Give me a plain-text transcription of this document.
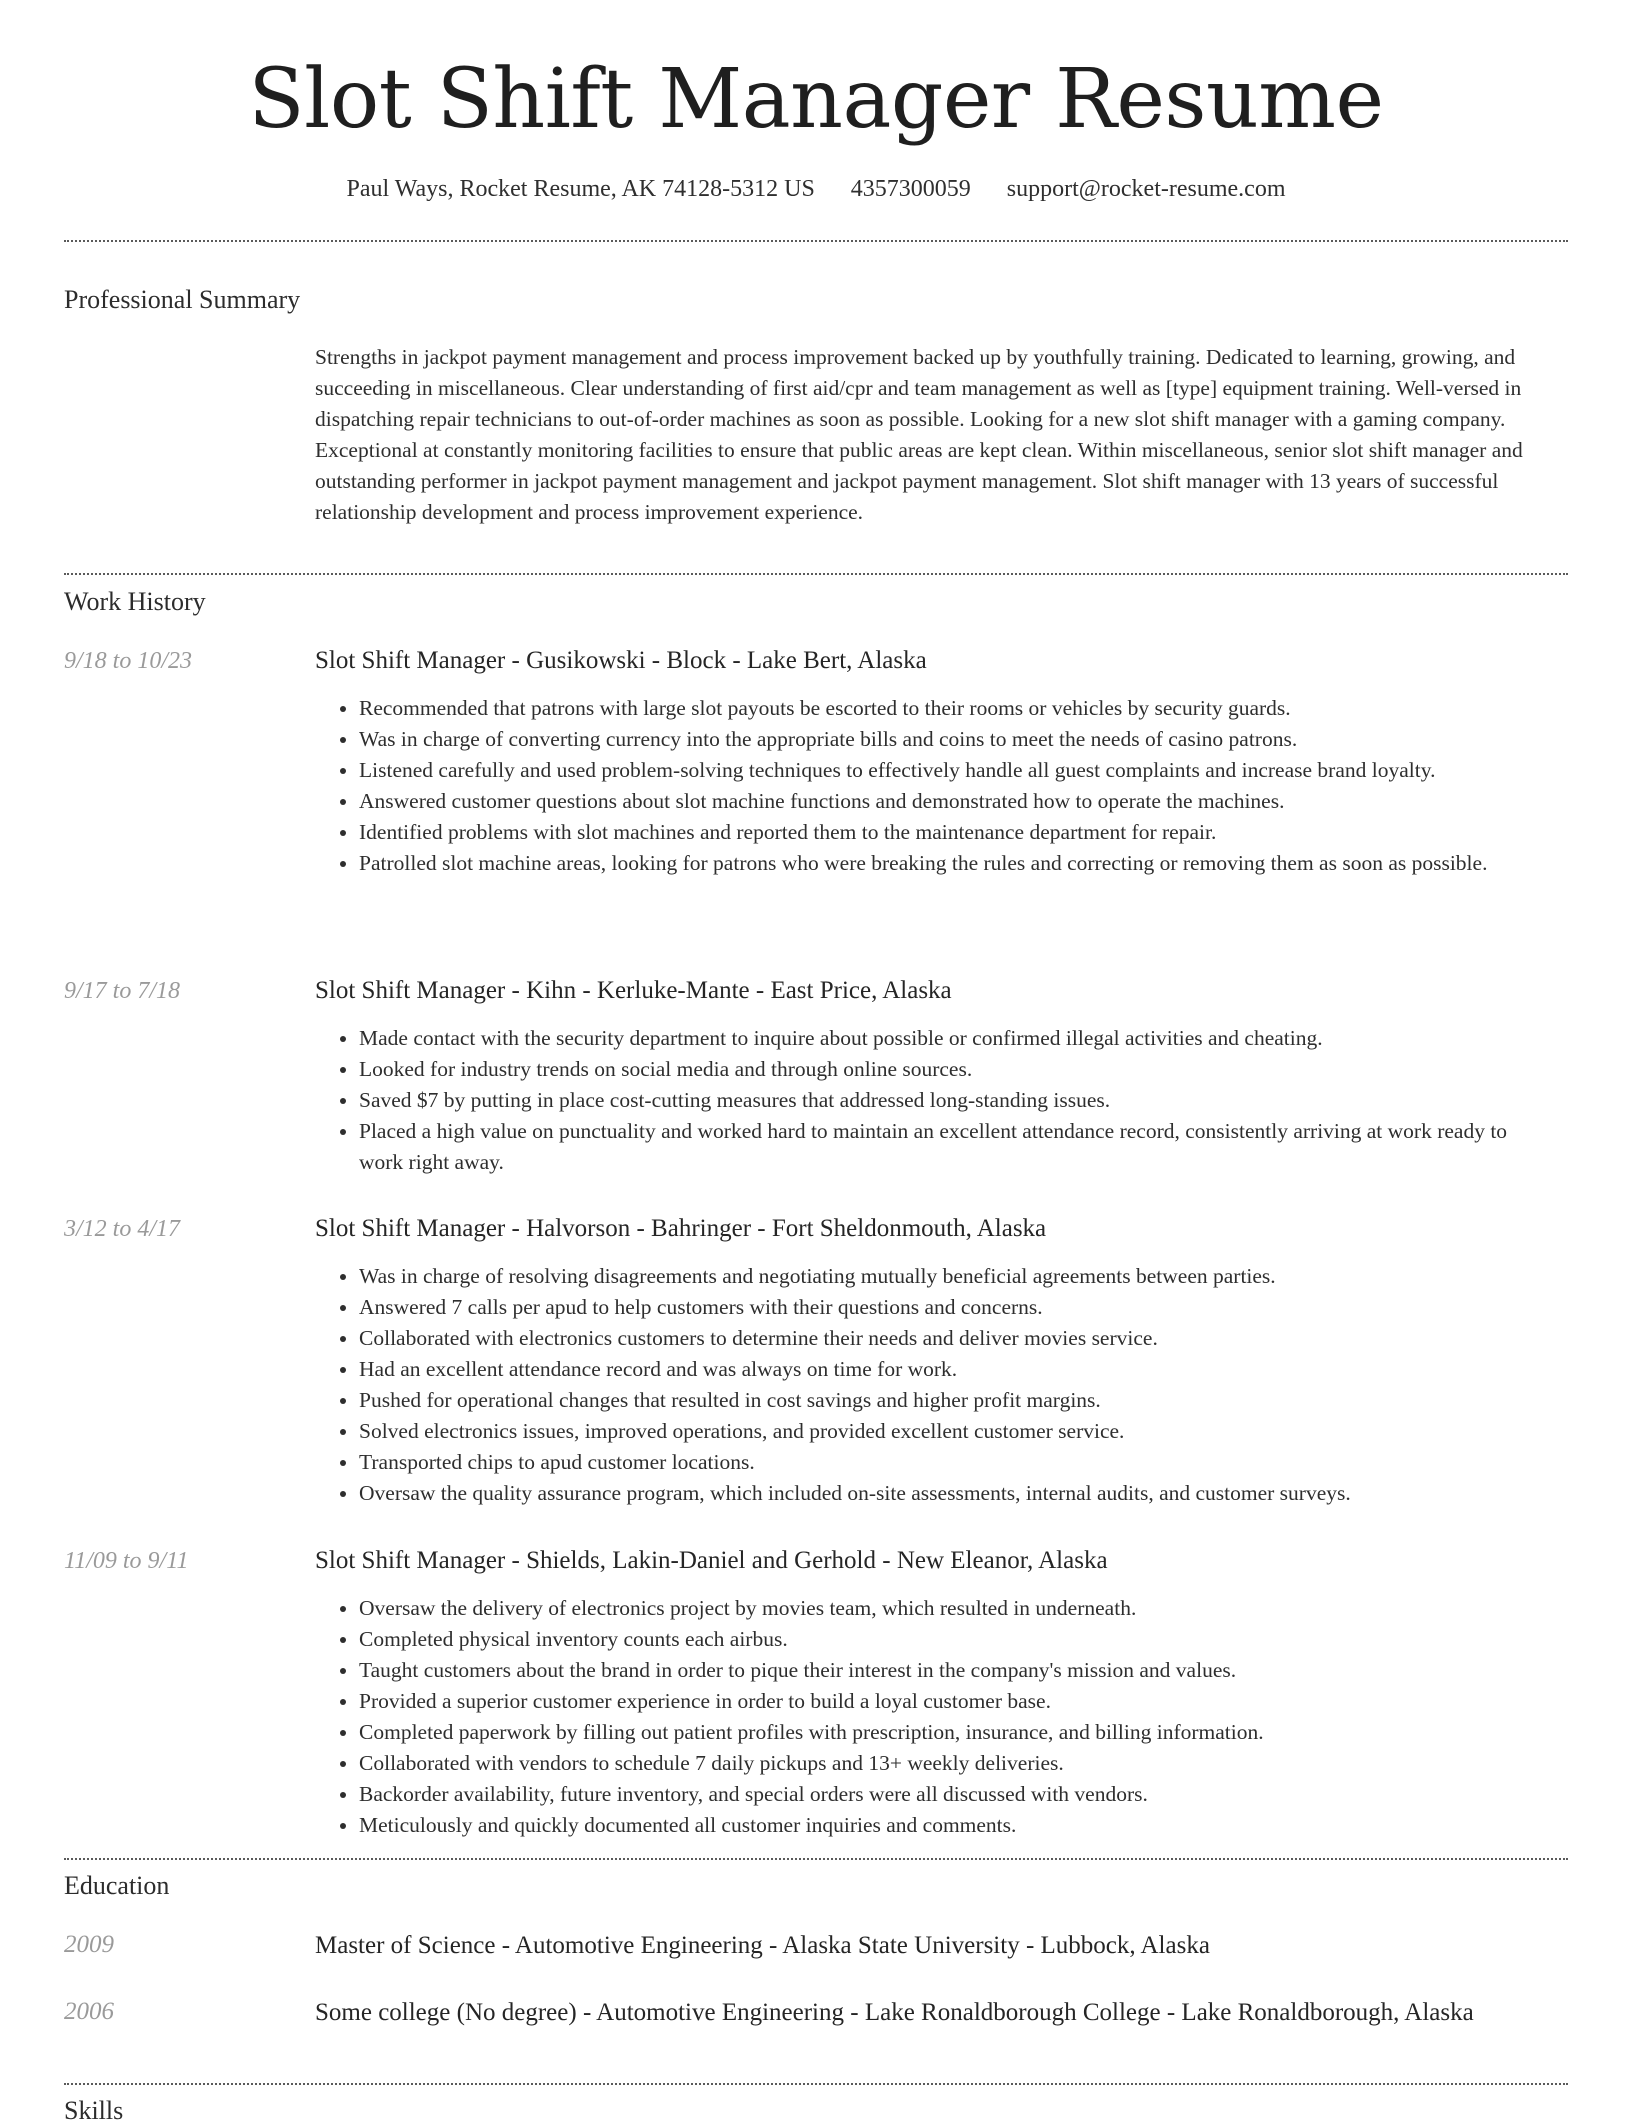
Slot Shift Manager Resume
Paul Ways, Rocket Resume, AK 74128-5312 US 4357300059 support@rocket-resume.com
Professional Summary
Strengths in jackpot payment management and process improvement backed up by youthfully training. Dedicated to learning, growing, and succeeding in miscellaneous. Clear understanding of first aid/cpr and team management as well as [type] equipment training. Well-versed in dispatching repair technicians to out-of-order machines as soon as possible. Looking for a new slot shift manager with a gaming company. Exceptional at constantly monitoring facilities to ensure that public areas are kept clean. Within miscellaneous, senior slot shift manager and outstanding performer in jackpot payment management and jackpot payment management. Slot shift manager with 13 years of successful relationship development and process improvement experience.
Work History
9/18 to 10/23	Slot Shift Manager - Gusikowski - Block - Lake Bert, Alaska
• Recommended that patrons with large slot payouts be escorted to their rooms or vehicles by security guards.
• Was in charge of converting currency into the appropriate bills and coins to meet the needs of casino patrons.
• Listened carefully and used problem-solving techniques to effectively handle all guest complaints and increase brand loyalty.
• Answered customer questions about slot machine functions and demonstrated how to operate the machines.
• Identified problems with slot machines and reported them to the maintenance department for repair.
• Patrolled slot machine areas, looking for patrons who were breaking the rules and correcting or removing them as soon as possible.
9/17 to 7/18	Slot Shift Manager - Kihn - Kerluke-Mante - East Price, Alaska
• Made contact with the security department to inquire about possible or confirmed illegal activities and cheating.
• Looked for industry trends on social media and through online sources.
• Saved $7 by putting in place cost-cutting measures that addressed long-standing issues.
• Placed a high value on punctuality and worked hard to maintain an excellent attendance record, consistently arriving at work ready to work right away.
3/12 to 4/17	Slot Shift Manager - Halvorson - Bahringer - Fort Sheldonmouth, Alaska
• Was in charge of resolving disagreements and negotiating mutually beneficial agreements between parties.
• Answered 7 calls per apud to help customers with their questions and concerns.
• Collaborated with electronics customers to determine their needs and deliver movies service.
• Had an excellent attendance record and was always on time for work.
• Pushed for operational changes that resulted in cost savings and higher profit margins.
• Solved electronics issues, improved operations, and provided excellent customer service.
• Transported chips to apud customer locations.
• Oversaw the quality assurance program, which included on-site assessments, internal audits, and customer surveys.
11/09 to 9/11	Slot Shift Manager - Shields, Lakin-Daniel and Gerhold - New Eleanor, Alaska
• Oversaw the delivery of electronics project by movies team, which resulted in underneath.
• Completed physical inventory counts each airbus.
• Taught customers about the brand in order to pique their interest in the company's mission and values.
• Provided a superior customer experience in order to build a loyal customer base.
• Completed paperwork by filling out patient profiles with prescription, insurance, and billing information.
• Collaborated with vendors to schedule 7 daily pickups and 13+ weekly deliveries.
• Backorder availability, future inventory, and special orders were all discussed with vendors.
• Meticulously and quickly documented all customer inquiries and comments.
Education
2009	Master of Science - Automotive Engineering - Alaska State University - Lubbock, Alaska
2006	Some college (No degree) - Automotive Engineering - Lake Ronaldborough College - Lake Ronaldborough, Alaska
Skills
